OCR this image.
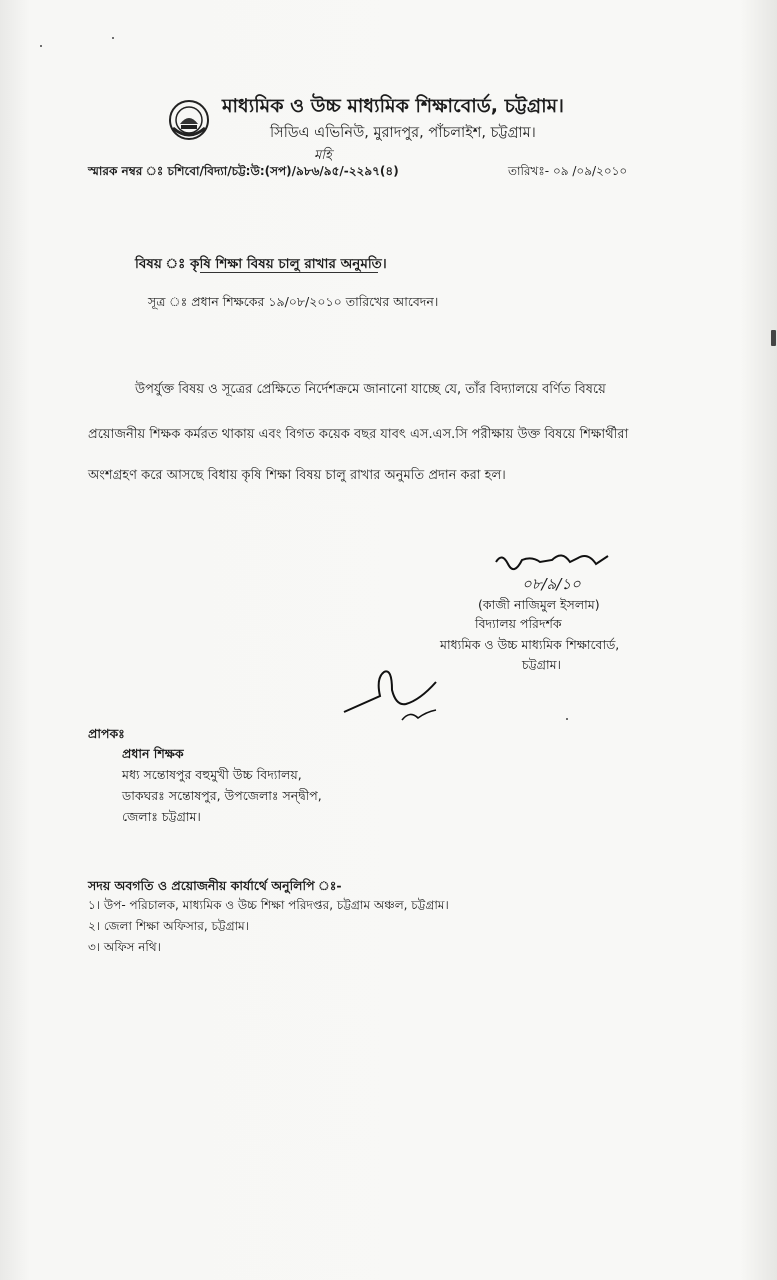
মাধ্যমিক ও উচ্চ মাধ্যমিক শিক্ষাবোর্ড, চট্টগ্রাম।
সিডিএ এভিনিউ, মুরাদপুর, পাঁচলাইশ, চট্টগ্রাম।
মহি
স্মারক নম্বর ঃ চশিবো/বিদ্যা/চট্ট:উ:(সপ)/৯৮৬/৯৫/-২২৯৭(৪)	তারিখঃ- ০৯ /০৯/২০১০
বিষয় ঃ কৃষি শিক্ষা বিষয় চালু রাখার অনুমতি।
সূত্র ঃ প্রধান শিক্ষকের ১৯/০৮/২০১০ তারিখের আবেদন।
উপর্যুক্ত বিষয় ও সূত্রের প্রেক্ষিতে নির্দেশক্রমে জানানো যাচ্ছে যে, তাঁর বিদ্যালয়ে বর্ণিত বিষয়ে
প্রয়োজনীয় শিক্ষক কর্মরত থাকায় এবং বিগত কয়েক বছর যাবৎ এস.এস.সি পরীক্ষায় উক্ত বিষয়ে শিক্ষার্থীরা
অংশগ্রহণ করে আসছে বিধায় কৃষি শিক্ষা বিষয় চালু রাখার অনুমতি প্রদান করা হল।
০৮/৯/১০
(কাজী নাজিমুল ইসলাম)
বিদ্যালয় পরিদর্শক
মাধ্যমিক ও উচ্চ মাধ্যমিক শিক্ষাবোর্ড,
চট্টগ্রাম।
প্রাপকঃ
প্রধান শিক্ষক
মধ্য সন্তোষপুর বহুমুখী উচ্চ বিদ্যালয়,
ডাকঘরঃ সন্তোষপুর, উপজেলাঃ সন্দ্বীপ,
জেলাঃ চট্টগ্রাম।
সদয় অবগতি ও প্রয়োজনীয় কার্যার্থে অনুলিপি ঃ-
১। উপ- পরিচালক, মাধ্যমিক ও উচ্চ শিক্ষা পরিদপ্তর, চট্টগ্রাম অঞ্চল, চট্টগ্রাম।
২। জেলা শিক্ষা অফিসার, চট্টগ্রাম।
৩। অফিস নথি।
